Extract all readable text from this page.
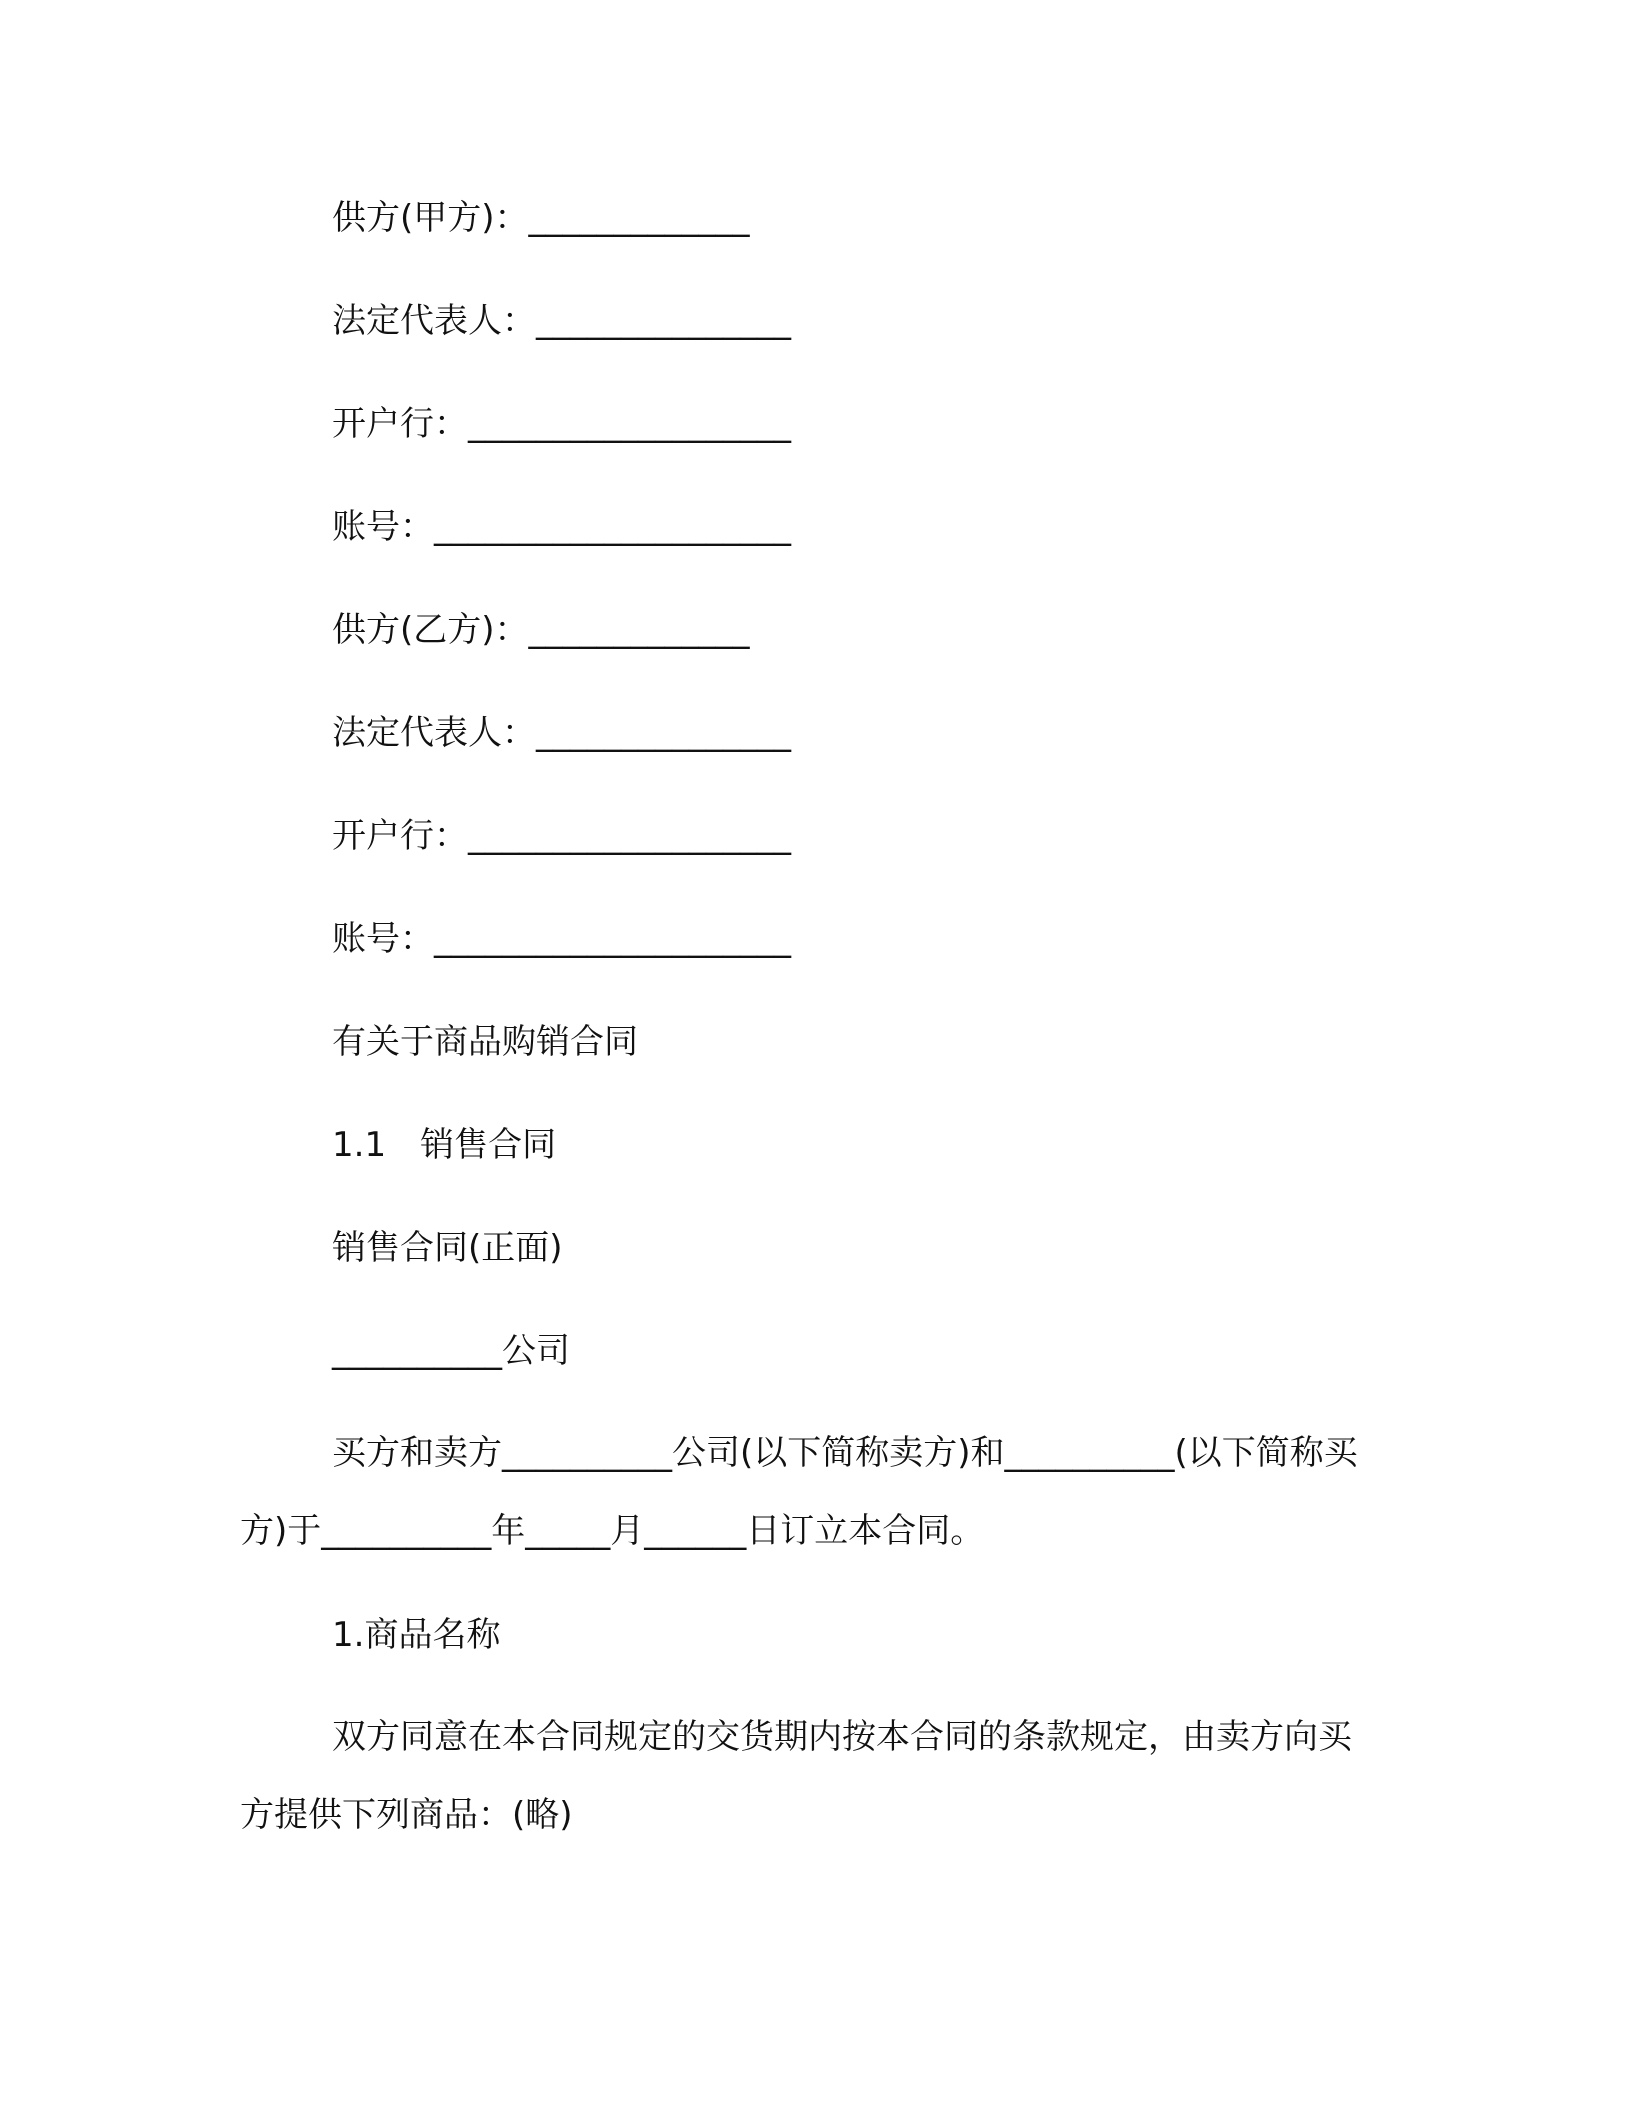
供方(甲方)：_____________
法定代表人：_______________
开户行：___________________
账号：_____________________
供方(乙方)：_____________
法定代表人：_______________
开户行：___________________
账号：_____________________
有关于商品购销合同
1.1　销售合同
销售合同(正面)
__________公司
买方和卖方__________公司(以下简称卖方)和__________(以下简称买方)于__________年_____月______日订立本合同。
1.商品名称
双方同意在本合同规定的交货期内按本合同的条款规定，由卖方向买方提供下列商品：(略)
